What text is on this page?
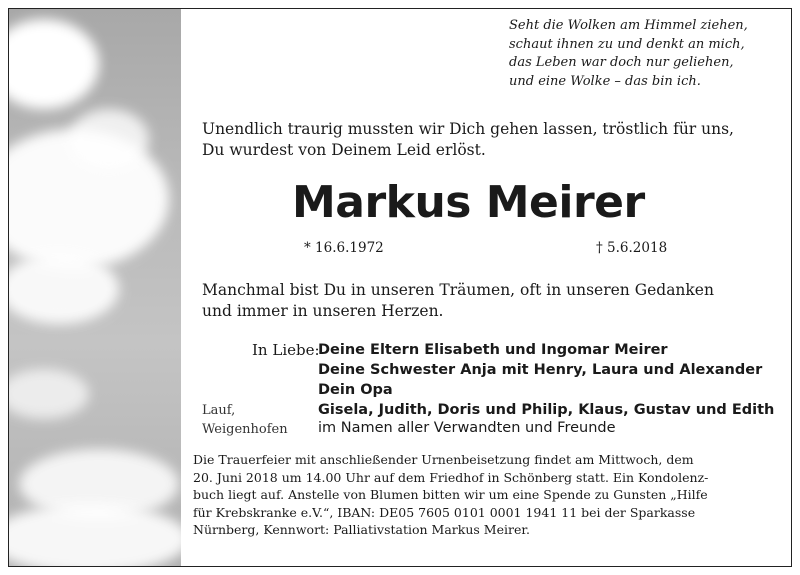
Seht die Wolken am Himmel ziehen,
schaut ihnen zu und denkt an mich,
das Leben war doch nur geliehen,
und eine Wolke – das bin ich.
Unendlich traurig mussten wir Dich gehen lassen, tröstlich für uns,
Du wurdest von Deinem Leid erlöst.
Markus Meirer
* 16.6.1972	† 5.6.2018
Manchmal bist Du in unseren Träumen, oft in unseren Gedanken
und immer in unseren Herzen.
In Liebe:
Deine Eltern Elisabeth und Ingomar Meirer
Deine Schwester Anja mit Henry, Laura und Alexander
Dein Opa
Gisela, Judith, Doris und Philip, Klaus, Gustav und Edith
im Namen aller Verwandten und Freunde
Lauf,
Weigenhofen
Die Trauerfeier mit anschließender Urnenbeisetzung findet am Mittwoch, dem
20. Juni 2018 um 14.00 Uhr auf dem Friedhof in Schönberg statt. Ein Kondolenz-
buch liegt auf. Anstelle von Blumen bitten wir um eine Spende zu Gunsten „Hilfe
für Krebskranke e.V.“, IBAN: DE05 7605 0101 0001 1941 11 bei der Sparkasse
Nürnberg, Kennwort: Palliativstation Markus Meirer.
